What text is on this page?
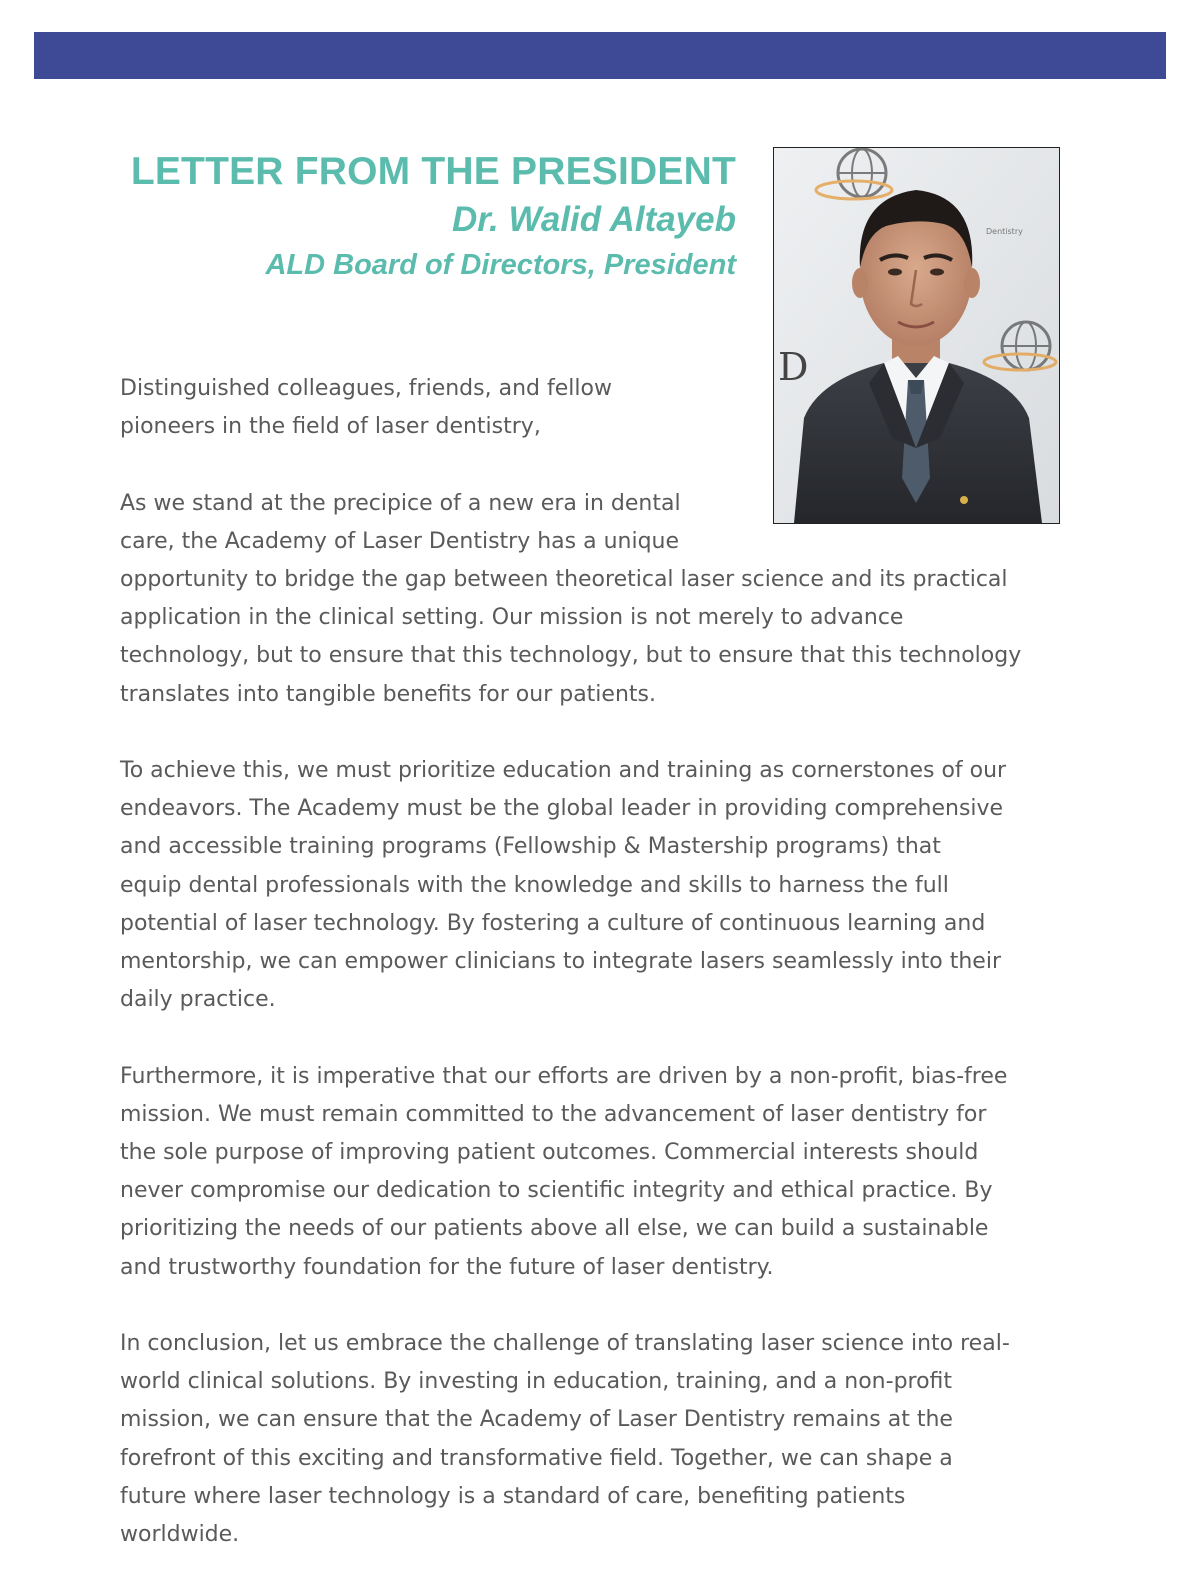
LETTER FROM THE PRESIDENT
Dr. Walid Altayeb
ALD Board of Directors, President
D
Dentistry

Distinguished colleagues, friends, and fellow
pioneers in the field of laser dentistry,

As we stand at the precipice of a new era in dental
care, the Academy of Laser Dentistry has a unique
opportunity to bridge the gap between theoretical laser science and its practical
application in the clinical setting. Our mission is not merely to advance
technology, but to ensure that this technology, but to ensure that this technology
translates into tangible benefits for our patients.

To achieve this, we must prioritize education and training as cornerstones of our
endeavors. The Academy must be the global leader in providing comprehensive
and accessible training programs (Fellowship & Mastership programs) that
equip dental professionals with the knowledge and skills to harness the full
potential of laser technology. By fostering a culture of continuous learning and
mentorship, we can empower clinicians to integrate lasers seamlessly into their
daily practice.

Furthermore, it is imperative that our efforts are driven by a non-profit, bias-free
mission. We must remain committed to the advancement of laser dentistry for
the sole purpose of improving patient outcomes. Commercial interests should
never compromise our dedication to scientific integrity and ethical practice. By
prioritizing the needs of our patients above all else, we can build a sustainable
and trustworthy foundation for the future of laser dentistry.

In conclusion, let us embrace the challenge of translating laser science into real-
world clinical solutions. By investing in education, training, and a non-profit
mission, we can ensure that the Academy of Laser Dentistry remains at the
forefront of this exciting and transformative field. Together, we can shape a
future where laser technology is a standard of care, benefiting patients
worldwide.
